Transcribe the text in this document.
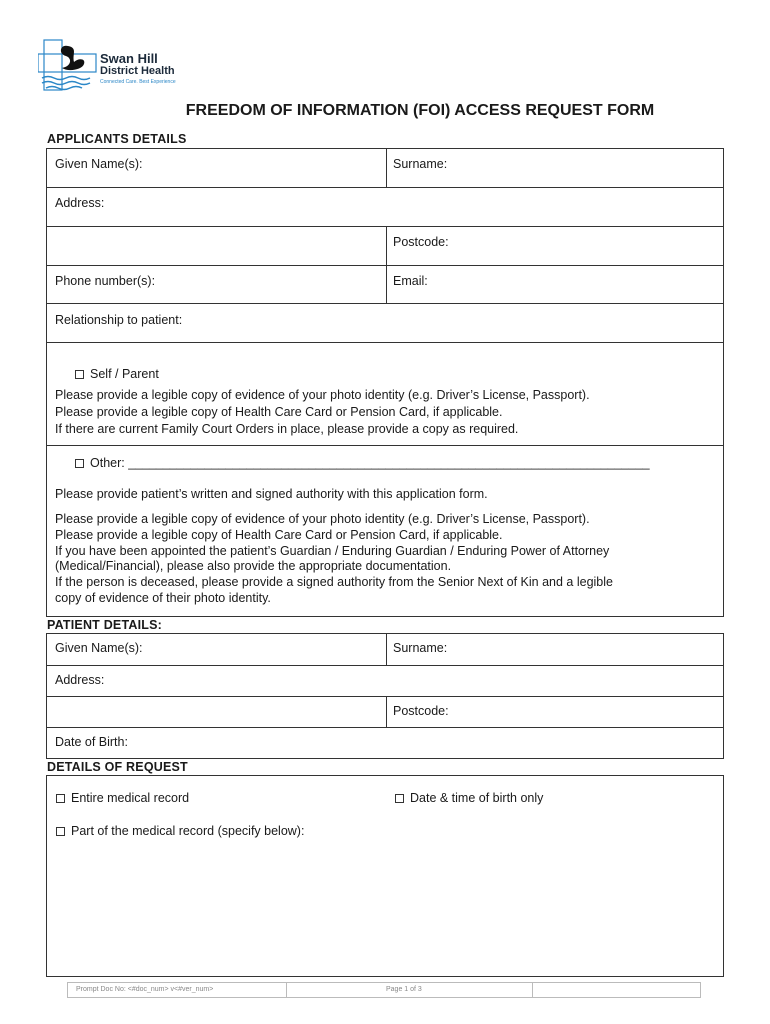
Swan Hill
District Health
Connected Care. Best Experience
FREEDOM OF INFORMATION (FOI) ACCESS REQUEST FORM
APPLICANTS DETAILS
Given Name(s):	Surname:
Address:
Postcode:
Phone number(s):	Email:
Relationship to patient:
Self / Parent
Please provide a legible copy of evidence of your photo identity (e.g. Driver’s License, Passport).
Please provide a legible copy of Health Care Card or Pension Card, if applicable.
If there are current Family Court Orders in place, please provide a copy as required.
Other: ___________________________________________________________________________
Please provide patient’s written and signed authority with this application form.
Please provide a legible copy of evidence of your photo identity (e.g. Driver’s License, Passport).
Please provide a legible copy of Health Care Card or Pension Card, if applicable.
If you have been appointed the patient’s Guardian / Enduring Guardian / Enduring Power of Attorney
(Medical/Financial), please also provide the appropriate documentation.
If the person is deceased, please provide a signed authority from the Senior Next of Kin and a legible
copy of evidence of their photo identity.
PATIENT DETAILS:
Given Name(s):	Surname:
Address:
Postcode:
Date of Birth:
DETAILS OF REQUEST
Entire medical record	Date & time of birth only
Part of the medical record (specify below):
Prompt Doc No: <#doc_num> v<#ver_num>	Page 1 of 3
